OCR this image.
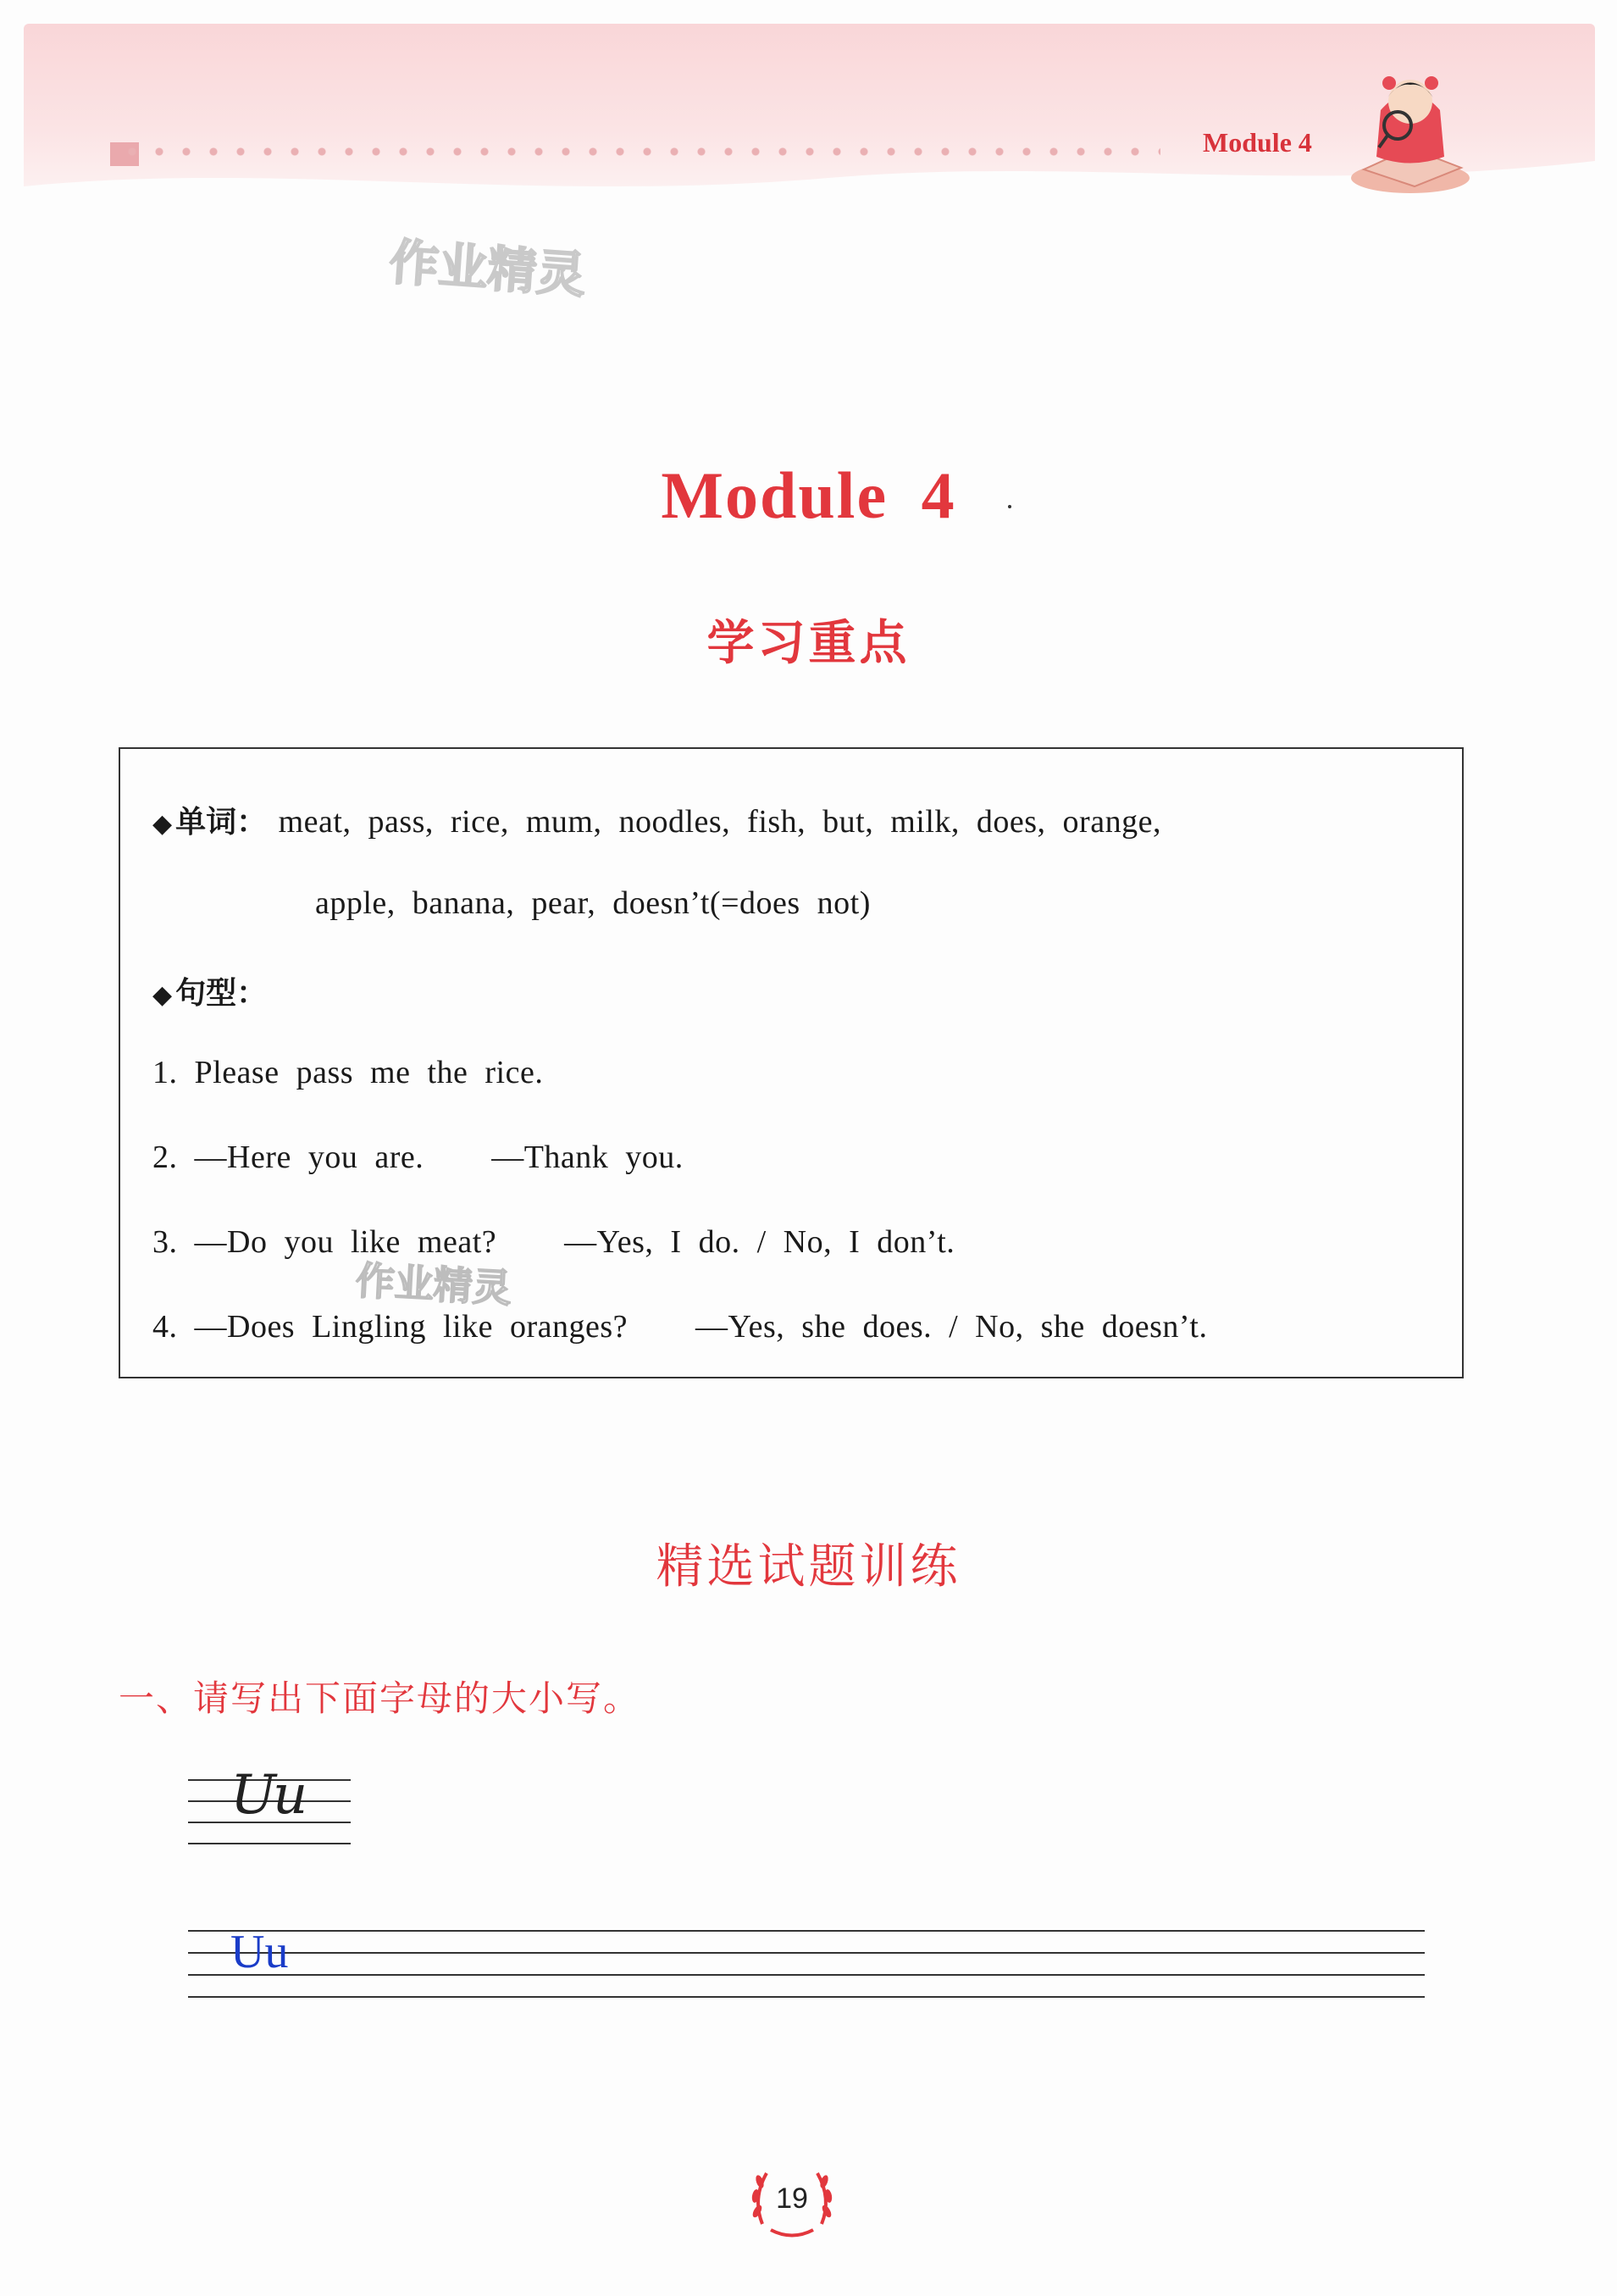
Module 4
作业精灵
Module 4
学习重点
◆ 单词： meat, pass, rice, mum, noodles, fish, but, milk, does, orange,
apple, banana, pear, doesn’t(=does not)
◆ 句型：
1. Please pass me the rice.
2. —Here you are.    —Thank you.
3. —Do you like meat?    —Yes, I do. / No, I don’t.
4. —Does Lingling like oranges?    —Yes, she does. / No, she doesn’t.
作业精灵
精选试题训练
一、请写出下面字母的大小写。
Uu
Uu
19
